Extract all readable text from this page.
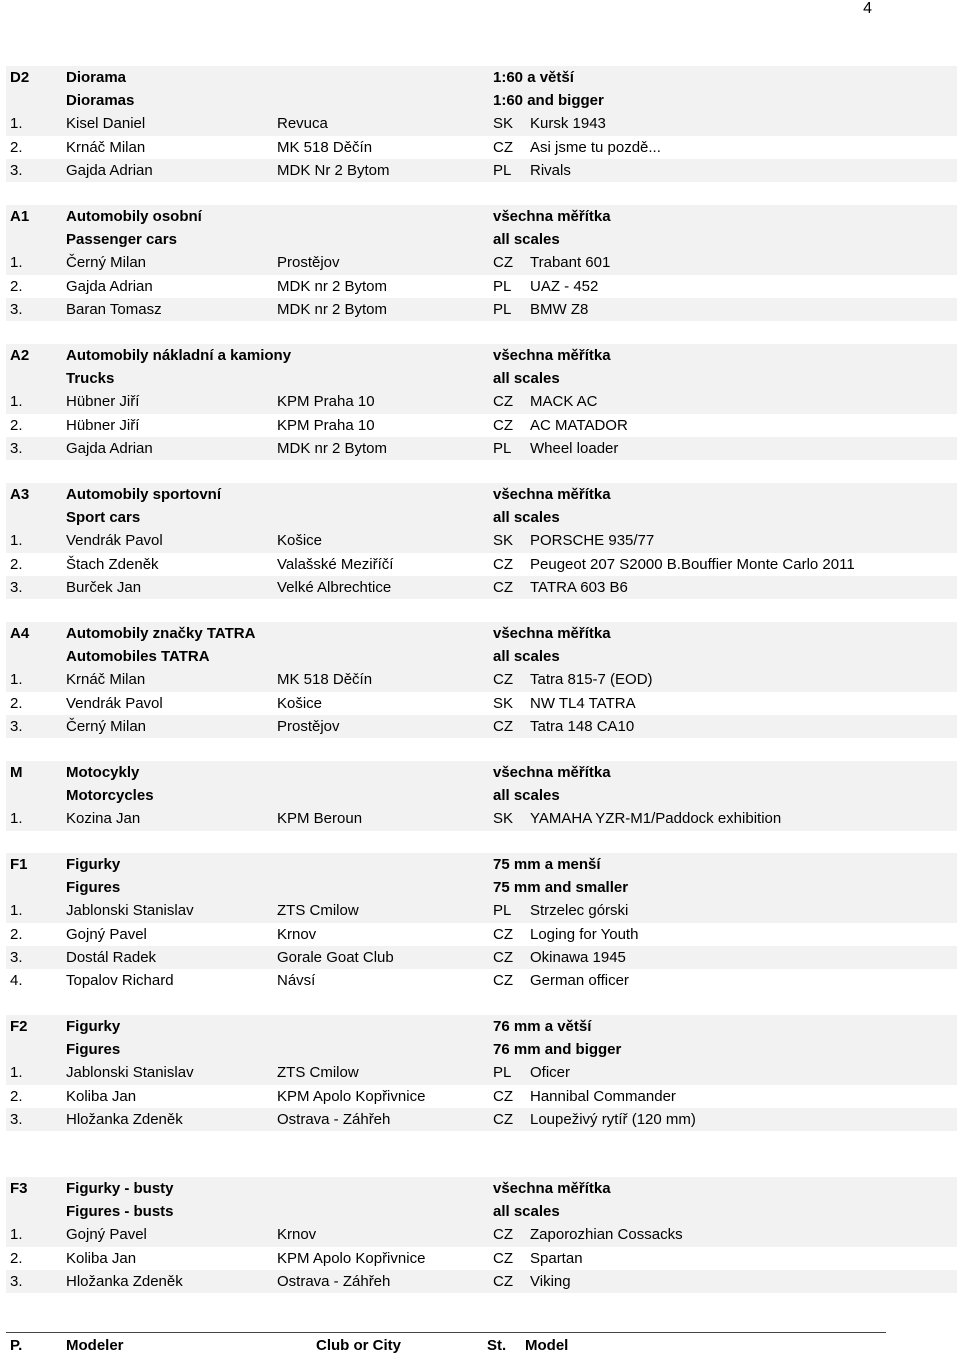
4
D2 Diorama	1:60 a větší
Dioramas	1:60 and bigger
1.	Kisel Daniel	Revuca	SK Kursk 1943
2.	Krnáč Milan	MK 518 Děčín	CZ Asi jsme tu pozdě...
3.	Gajda Adrian	MDK Nr 2 Bytom	PL Rivals
A1 Automobily osobní	všechna měřítka
Passenger cars	all scales
1.	Černý Milan	Prostějov	CZ Trabant 601
2.	Gajda Adrian	MDK nr 2 Bytom	PL UAZ - 452
3.	Baran Tomasz	MDK nr 2 Bytom	PL BMW Z8
A2 Automobily nákladní a kamiony	všechna měřítka
Trucks	all scales
1.	Hübner Jiří	KPM Praha 10	CZ MACK AC
2.	Hübner Jiří	KPM Praha 10	CZ AC MATADOR
3.	Gajda Adrian	MDK nr 2 Bytom	PL Wheel loader
A3 Automobily sportovní	všechna měřítka
Sport cars	all scales
1.	Vendrák Pavol	Košice	SK PORSCHE 935/77
2.	Štach Zdeněk	Valašské Meziříčí	CZ Peugeot 207 S2000 B.Bouffier Monte Carlo 2011
3.	Burček Jan	Velké Albrechtice	CZ TATRA 603 B6
A4 Automobily značky TATRA	všechna měřítka
Automobiles TATRA	all scales
1.	Krnáč Milan	MK 518 Děčín	CZ Tatra 815-7 (EOD)
2.	Vendrák Pavol	Košice	SK NW TL4 TATRA
3.	Černý Milan	Prostějov	CZ Tatra 148 CA10
M	Motocykly	všechna měřítka
Motorcycles	all scales
1.	Kozina Jan	KPM Beroun	SK YAMAHA YZR-M1/Paddock exhibition
F1	Figurky	75 mm a menší
Figures	75 mm and smaller
1.	Jablonski Stanislav	ZTS Cmilow	PL Strzelec górski
2.	Gojný Pavel	Krnov	CZ Loging for Youth
3.	Dostál Radek	Gorale Goat Club	CZ Okinawa 1945
4.	Topalov Richard	Návsí	CZ German officer
F2	Figurky	76 mm a větší
Figures	76 mm and bigger
1.	Jablonski Stanislav	ZTS Cmilow	PL Oficer
2.	Koliba Jan	KPM Apolo Kopřivnice	CZ Hannibal Commander
3.	Hložanka Zdeněk	Ostrava - Záhřeh	CZ Loupeživý rytíř (120 mm)
F3	Figurky - busty	všechna měřítka
Figures - busts	all scales
1.	Gojný Pavel	Krnov	CZ Zaporozhian Cossacks
2.	Koliba Jan	KPM Apolo Kopřivnice	CZ Spartan
3.	Hložanka Zdeněk	Ostrava - Záhřeh	CZ Viking
P.	Modeler	Club or City	St. Model
